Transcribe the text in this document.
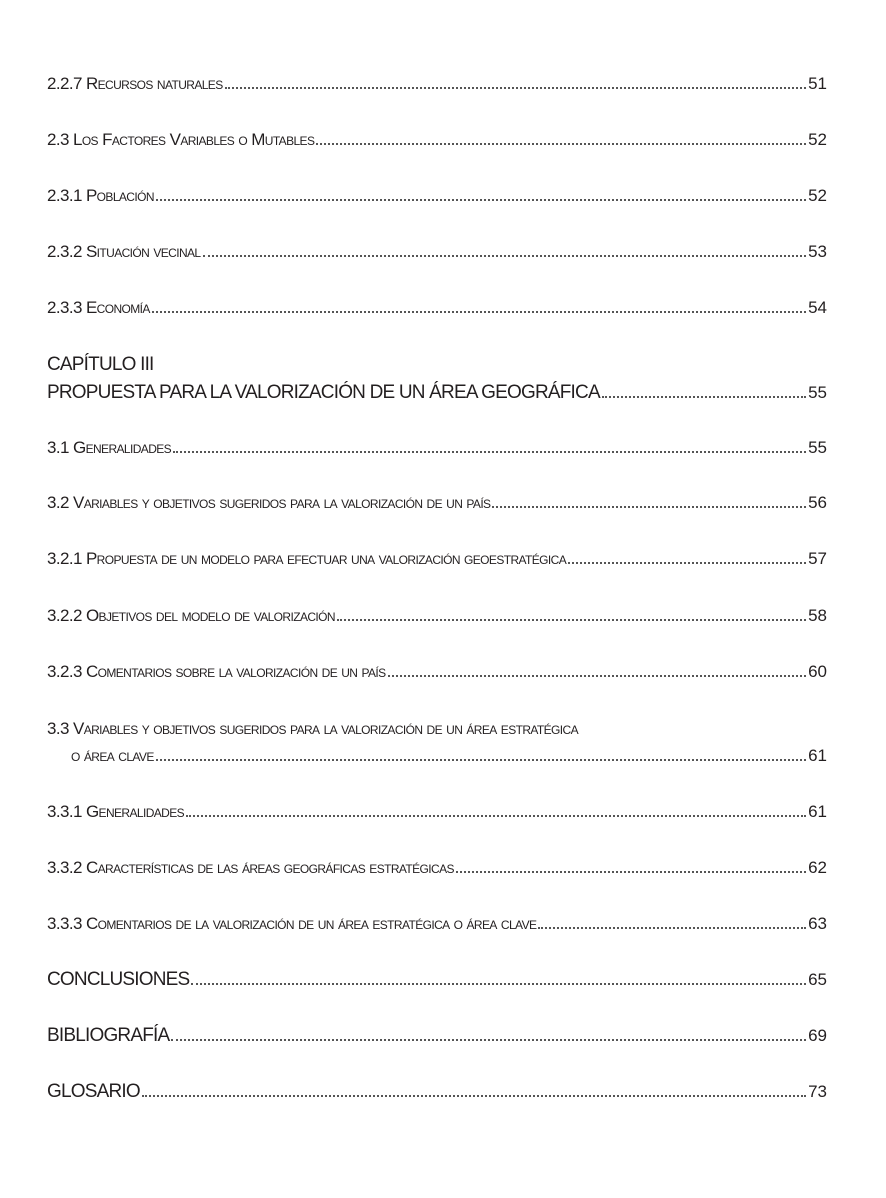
2.2.7 Recursos naturales	51
2.3 Los Factores Variables o Mutables	52
2.3.1 Población	52
2.3.2 Situación vecinal	53
2.3.3 Economía	54
CAPÍTULO III
PROPUESTA PARA LA VALORIZACIÓN DE UN ÁREA GEOGRÁFICA	55
3.1 Generalidades	55
3.2 Variables y objetivos sugeridos para la valorización de un país	56
3.2.1 Propuesta de un modelo para efectuar una valorización geoestratégica	57
3.2.2 Objetivos del modelo de valorización	58
3.2.3 Comentarios sobre la valorización de un país	60
3.3 Variables y objetivos sugeridos para la valorización de un área estratégica
o área clave	61
3.3.1 Generalidades	61
3.3.2 Características de las áreas geográficas estratégicas	62
3.3.3 Comentarios de la valorización de un área estratégica o área clave	63
CONCLUSIONES	65
BIBLIOGRAFÍA	69
GLOSARIO	73
